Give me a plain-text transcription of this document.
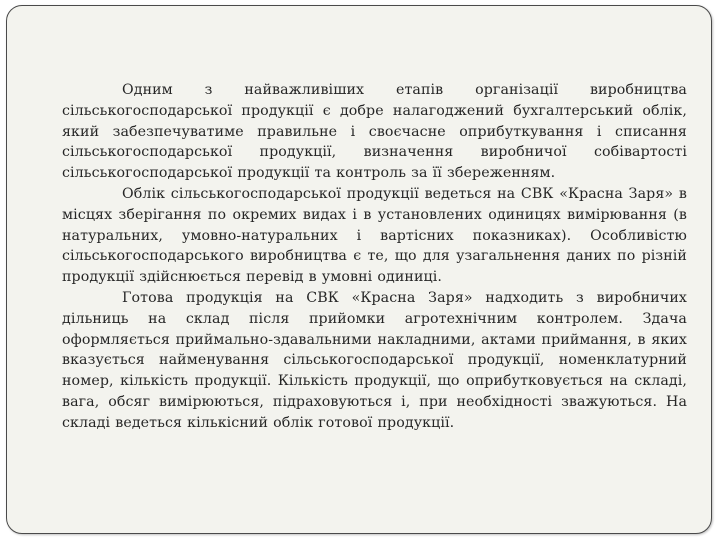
Одним з найважливіших етапів організації виробництва сільськогосподарської продукції є добре налагоджений бухгалтерський облік, який забезпечуватиме правильне і своєчасне оприбуткування і списання сільськогосподарської продукції, визначення виробничої собівартості сільськогосподарської продукції та контроль за її збереженням.

Облік сільськогосподарської продукції ведеться на СВК «Красна Заря» в місцях зберігання по окремих видах і в установлених одиницях вимірювання (в натуральних, умовно-натуральних і вартісних показниках). Особливістю сільськогосподарського виробництва є те, що для узагальнення даних по різній продукції здійснюється перевід в умовні одиниці.

Готова продукція на СВК «Красна Заря» надходить з виробничих дільниць на склад після прийомки агротехнічним контролем. Здача оформляється приймально-здавальними накладними, актами приймання, в яких вказується найменування сільськогосподарської продукції, номенклатурний номер, кількість продукції. Кількість продукції, що оприбутковується на складі, вага, обсяг вимірюються, підраховуються і, при необхідності зважуються. На складі ведеться кількісний облік готової продукції.
